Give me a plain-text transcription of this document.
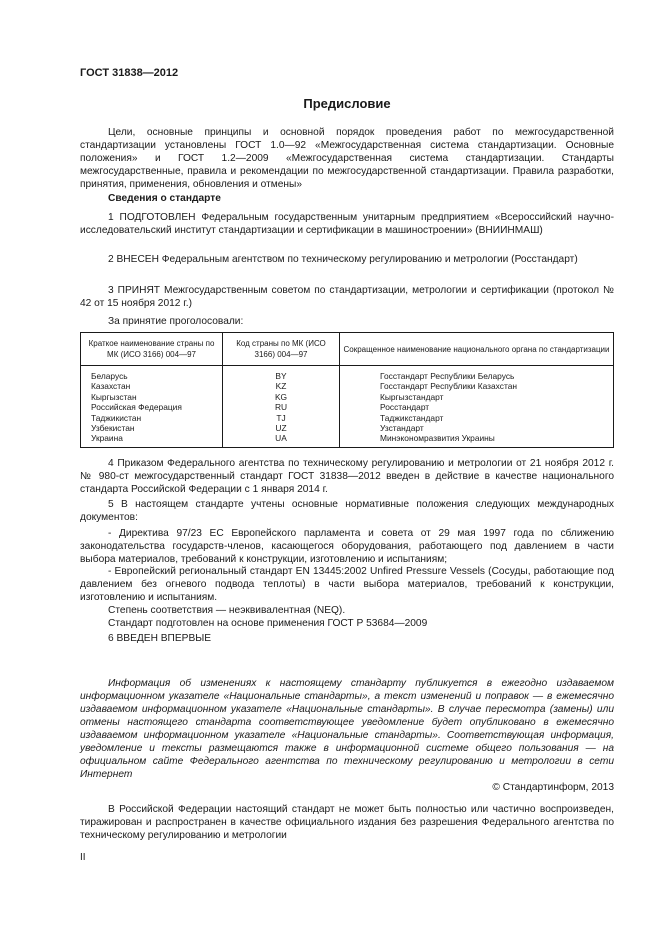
ГОСТ 31838—2012
Предисловие
Цели, основные принципы и основной порядок проведения работ по межгосударственной стандартизации установлены ГОСТ 1.0—92 «Межгосударственная система стандартизации. Основные положения» и ГОСТ 1.2—2009 «Межгосударственная система стандартизации. Стандарты межгосударственные, правила и рекомендации по межгосударственной стандартизации. Правила разработки, принятия, применения, обновления и отмены»
Сведения о стандарте
1 ПОДГОТОВЛЕН Федеральным государственным унитарным предприятием «Всероссийский научно-исследовательский институт стандартизации и сертификации в машиностроении» (ВНИИНМАШ)
2 ВНЕСЕН Федеральным агентством по техническому регулированию и метрологии (Росстандарт)
3 ПРИНЯТ Межгосударственным советом по стандартизации, метрологии и сертификации (протокол № 42 от 15 ноября 2012 г.)
За принятие проголосовали:
Краткое наименование страны по МК (ИСО 3166) 004—97	Код страны по МК (ИСО 3166) 004—97	Сокращенное наименование национального органа по стандартизации
Беларусь	BY	Госстандарт Республики Беларусь
Казахстан	KZ	Госстандарт Республики Казахстан
Кыргызстан	KG	Кыргызстандарт
Российская Федерация	RU	Росстандарт
Таджикистан	TJ	Таджикстандарт
Узбекистан	UZ	Узстандарт
Украина	UA	Минэкономразвития Украины
4 Приказом Федерального агентства по техническому регулированию и метрологии от 21 ноября 2012 г. № 980-ст межгосударственный стандарт ГОСТ 31838—2012 введен в действие в качестве национального стандарта Российской Федерации с 1 января 2014 г.
5 В настоящем стандарте учтены основные нормативные положения следующих международных документов:
- Директива 97/23 ЕС Европейского парламента и совета от 29 мая 1997 года по сближению законодательства государств-членов, касающегося оборудования, работающего под давлением в части выбора материалов, требований к конструкции, изготовлению и испытаниям;
- Европейский региональный стандарт EN 13445:2002 Unfired Pressure Vessels (Сосуды, работающие под давлением без огневого подвода теплоты) в части выбора материалов, требований к конструкции, изготовлению и испытаниям.
Степень соответствия — неэквивалентная (NEQ).
Стандарт подготовлен на основе применения ГОСТ Р 53684—2009
6 ВВЕДЕН ВПЕРВЫЕ
Информация об изменениях к настоящему стандарту публикуется в ежегодно издаваемом информационном указателе «Национальные стандарты», а текст изменений и поправок — в ежемесячно издаваемом информационном указателе «Национальные стандарты». В случае пересмотра (замены) или отмены настоящего стандарта соответствующее уведомление будет опубликовано в ежемесячно издаваемом информационном указателе «Национальные стандарты». Соответствующая информация, уведомление и тексты размещаются также в информационной системе общего пользования — на официальном сайте Федерального агентства по техническому регулированию и метрологии в сети Интернет
© Стандартинформ, 2013
В Российской Федерации настоящий стандарт не может быть полностью или частично воспроизведен, тиражирован и распространен в качестве официального издания без разрешения Федерального агентства по техническому регулированию и метрологии
II
